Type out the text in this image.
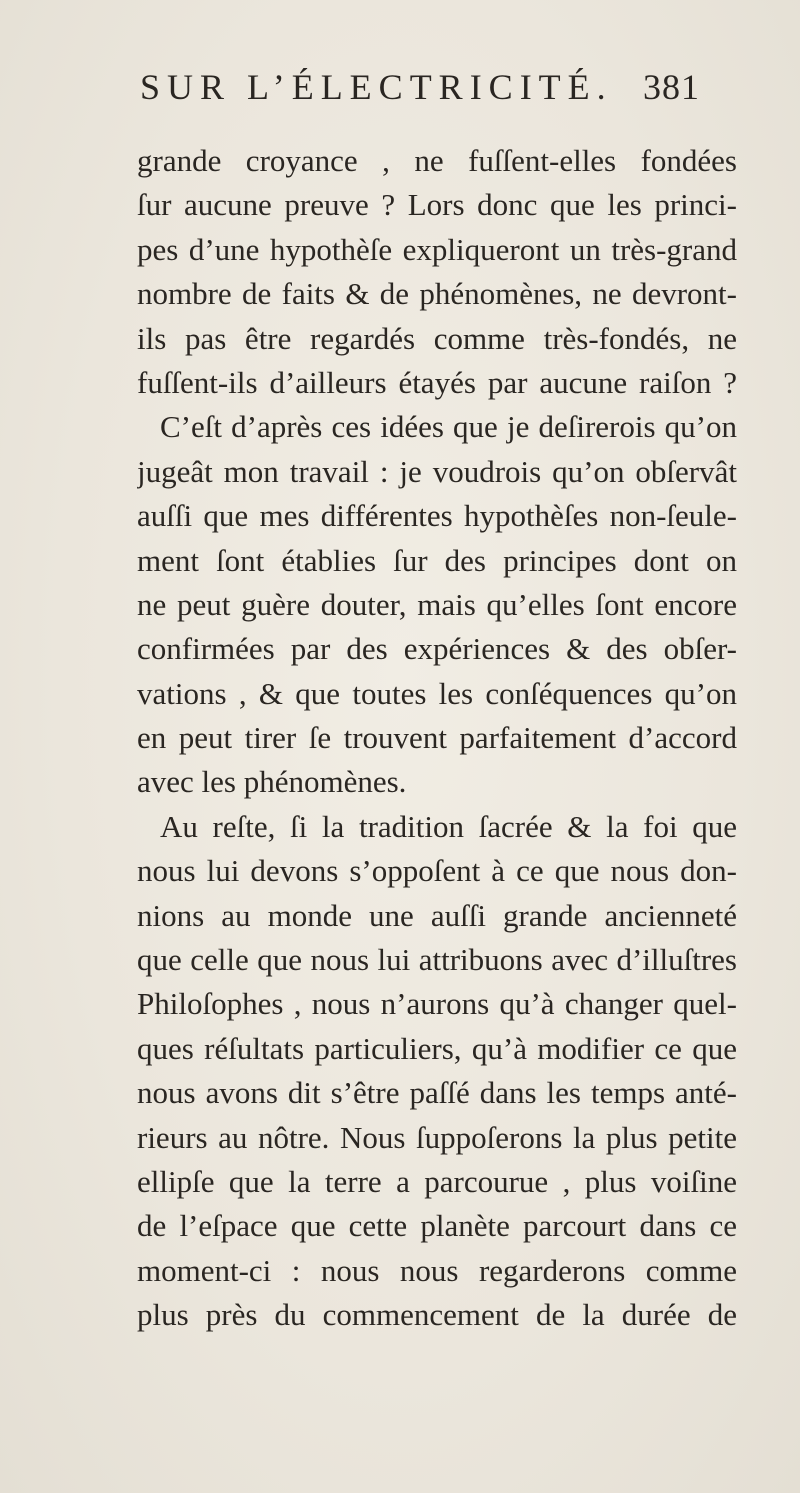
SUR L’ÉLECTRICITÉ. 381
grande croyance , ne fuſſent-elles fondées
ſur aucune preuve ? Lors donc que les princi-
pes d’une hypothèſe expliqueront un très-grand
nombre de faits & de phénomènes, ne devront-
ils pas être regardés comme très-fondés, ne
fuſſent-ils d’ailleurs étayés par aucune raiſon ?
C’eſt d’après ces idées que je deſirerois qu’on
jugeât mon travail : je voudrois qu’on obſervât
auſſi que mes différentes hypothèſes non-ſeule-
ment ſont établies ſur des principes dont on
ne peut guère douter, mais qu’elles ſont encore
confirmées par des expériences & des obſer-
vations , & que toutes les conſéquences qu’on
en peut tirer ſe trouvent parfaitement d’accord
avec les phénomènes.
Au reſte, ſi la tradition ſacrée & la foi que
nous lui devons s’oppoſent à ce que nous don-
nions au monde une auſſi grande ancienneté
que celle que nous lui attribuons avec d’illuſtres
Philoſophes , nous n’aurons qu’à changer quel-
ques réſultats particuliers, qu’à modifier ce que
nous avons dit s’être paſſé dans les temps anté-
rieurs au nôtre. Nous ſuppoſerons la plus petite
ellipſe que la terre a parcourue , plus voiſine
de l’eſpace que cette planète parcourt dans ce
moment-ci : nous nous regarderons comme
plus près du commencement de la durée de
